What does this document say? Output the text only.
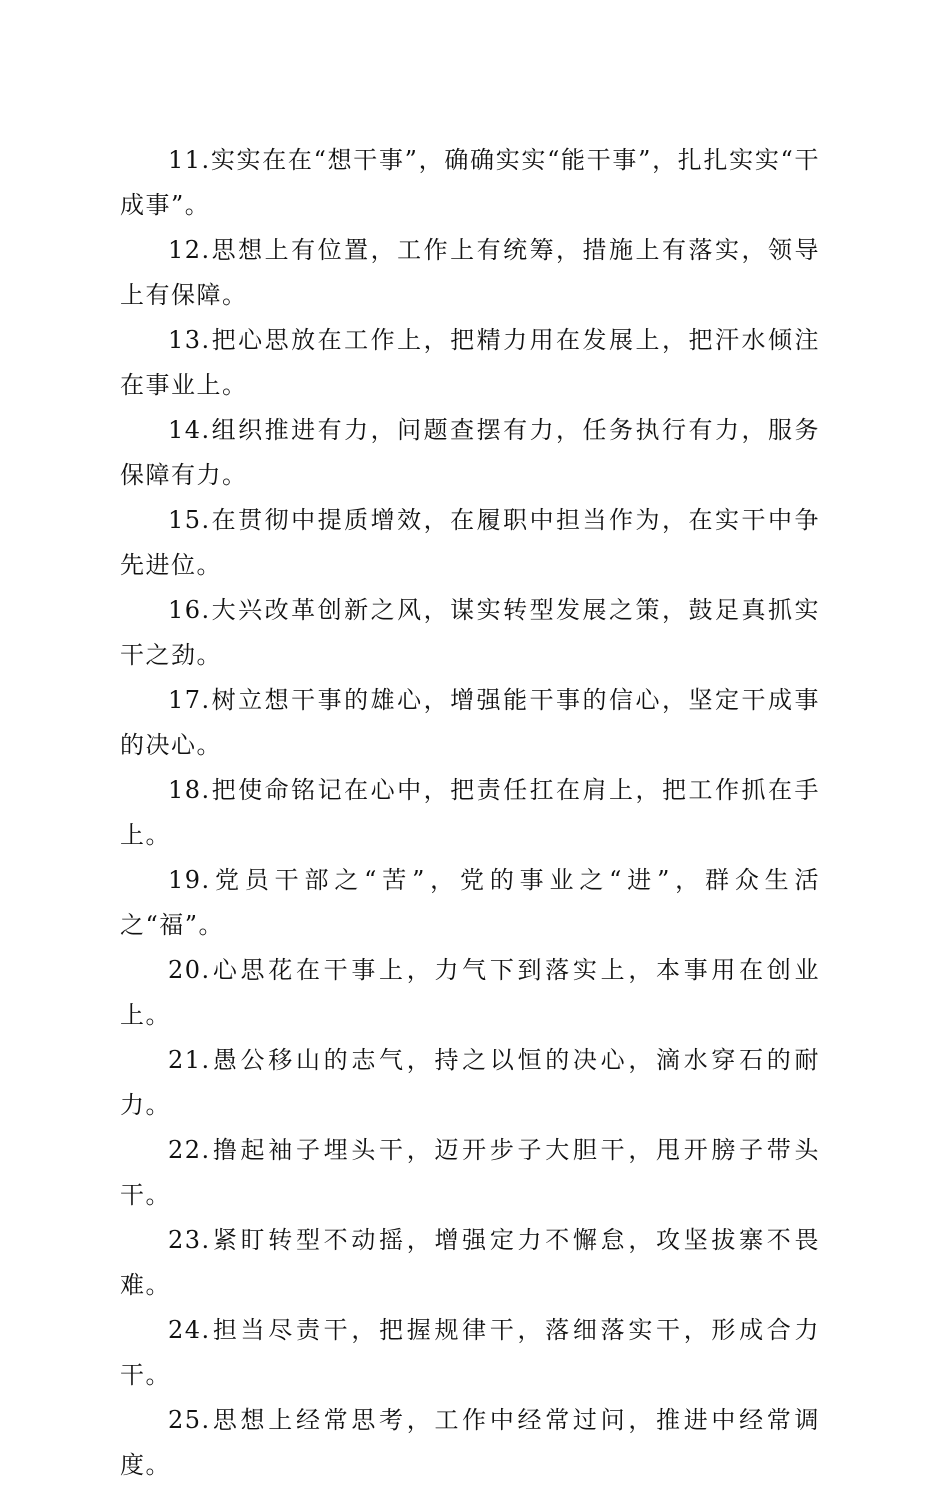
11.实实在在“想干事”，确确实实“能干事”，扎扎实实“干成事”。

12.思想上有位置，工作上有统筹，措施上有落实，领导上有保障。

13.把心思放在工作上，把精力用在发展上，把汗水倾注在事业上。

14.组织推进有力，问题查摆有力，任务执行有力，服务保障有力。

15.在贯彻中提质增效，在履职中担当作为，在实干中争先进位。

16.大兴改革创新之风，谋实转型发展之策，鼓足真抓实干之劲。

17.树立想干事的雄心，增强能干事的信心，坚定干成事的决心。

18.把使命铭记在心中，把责任扛在肩上，把工作抓在手上。

19.党员干部之“苦”，党的事业之“进”，群众生活之“福”。

20.心思花在干事上，力气下到落实上，本事用在创业上。

21.愚公移山的志气，持之以恒的决心，滴水穿石的耐力。

22.撸起袖子埋头干，迈开步子大胆干，甩开膀子带头干。

23.紧盯转型不动摇，增强定力不懈怠，攻坚拔寨不畏难。

24.担当尽责干，把握规律干，落细落实干，形成合力干。

25.思想上经常思考，工作中经常过问，推进中经常调度。
